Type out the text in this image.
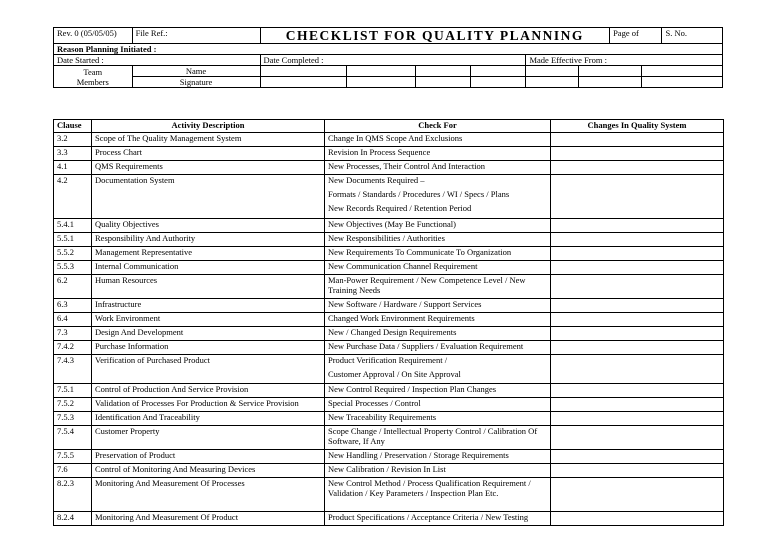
Rev. 0 (05/05/05)	File Ref.:	CHECKLIST FOR QUALITY PLANNING						Page of		S. No.
Reason Planning Initiated :										
Date Started :		Date Completed :				Made Effective From :				

Team
Members	Name									
	Signature									
Clause	Activity Description	Check For	Changes In Quality System
3.2	Scope of The Quality Management System	Change In QMS Scope And Exclusions	

3.3	Process Chart	Revision In Process Sequence	

4.1	QMS Requirements	New Processes, Their Control And Interaction	

4.2	Documentation System	New Documents Required –
Formats / Standards / Procedures / WI / Specs / Plans
New Records Required / Retention Period	

5.4.1	Quality Objectives	New Objectives (May Be Functional)	

5.5.1	Responsibility And Authority	New Responsibilities / Authorities	

5.5.2	Management Representative	New Requirements To Communicate To Organization	

5.5.3	Internal Communication	New Communication Channel Requirement	

6.2	Human Resources	Man-Power Requirement / New Competence Level / New Training Needs	

6.3	Infrastructure	New Software / Hardware / Support Services	

6.4	Work Environment	Changed Work Environment Requirements	

7.3	Design And Development	New / Changed Design Requirements	

7.4.2	Purchase Information	New Purchase Data / Suppliers / Evaluation Requirement	

7.4.3	Verification of Purchased Product	Product Verification Requirement /
Customer Approval / On Site Approval	

7.5.1	Control of Production And Service Provision	New Control Required / Inspection Plan Changes	

7.5.2	Validation of Processes For Production & Service Provision	Special Processes / Control	

7.5.3	Identification And Traceability	New Traceability Requirements	

7.5.4	Customer Property	Scope Change / Intellectual Property Control / Calibration Of Software, If Any	

7.5.5	Preservation of Product	New Handling / Preservation / Storage Requirements	

7.6	Control of Monitoring And Measuring Devices	New Calibration / Revision In List	

8.2.3	Monitoring And Measurement Of Processes	New Control Method / Process Qualification Requirement / Validation / Key Parameters / Inspection Plan Etc.	

8.2.4	Monitoring And Measurement Of Product	Product Specifications / Acceptance Criteria / New Testing	
